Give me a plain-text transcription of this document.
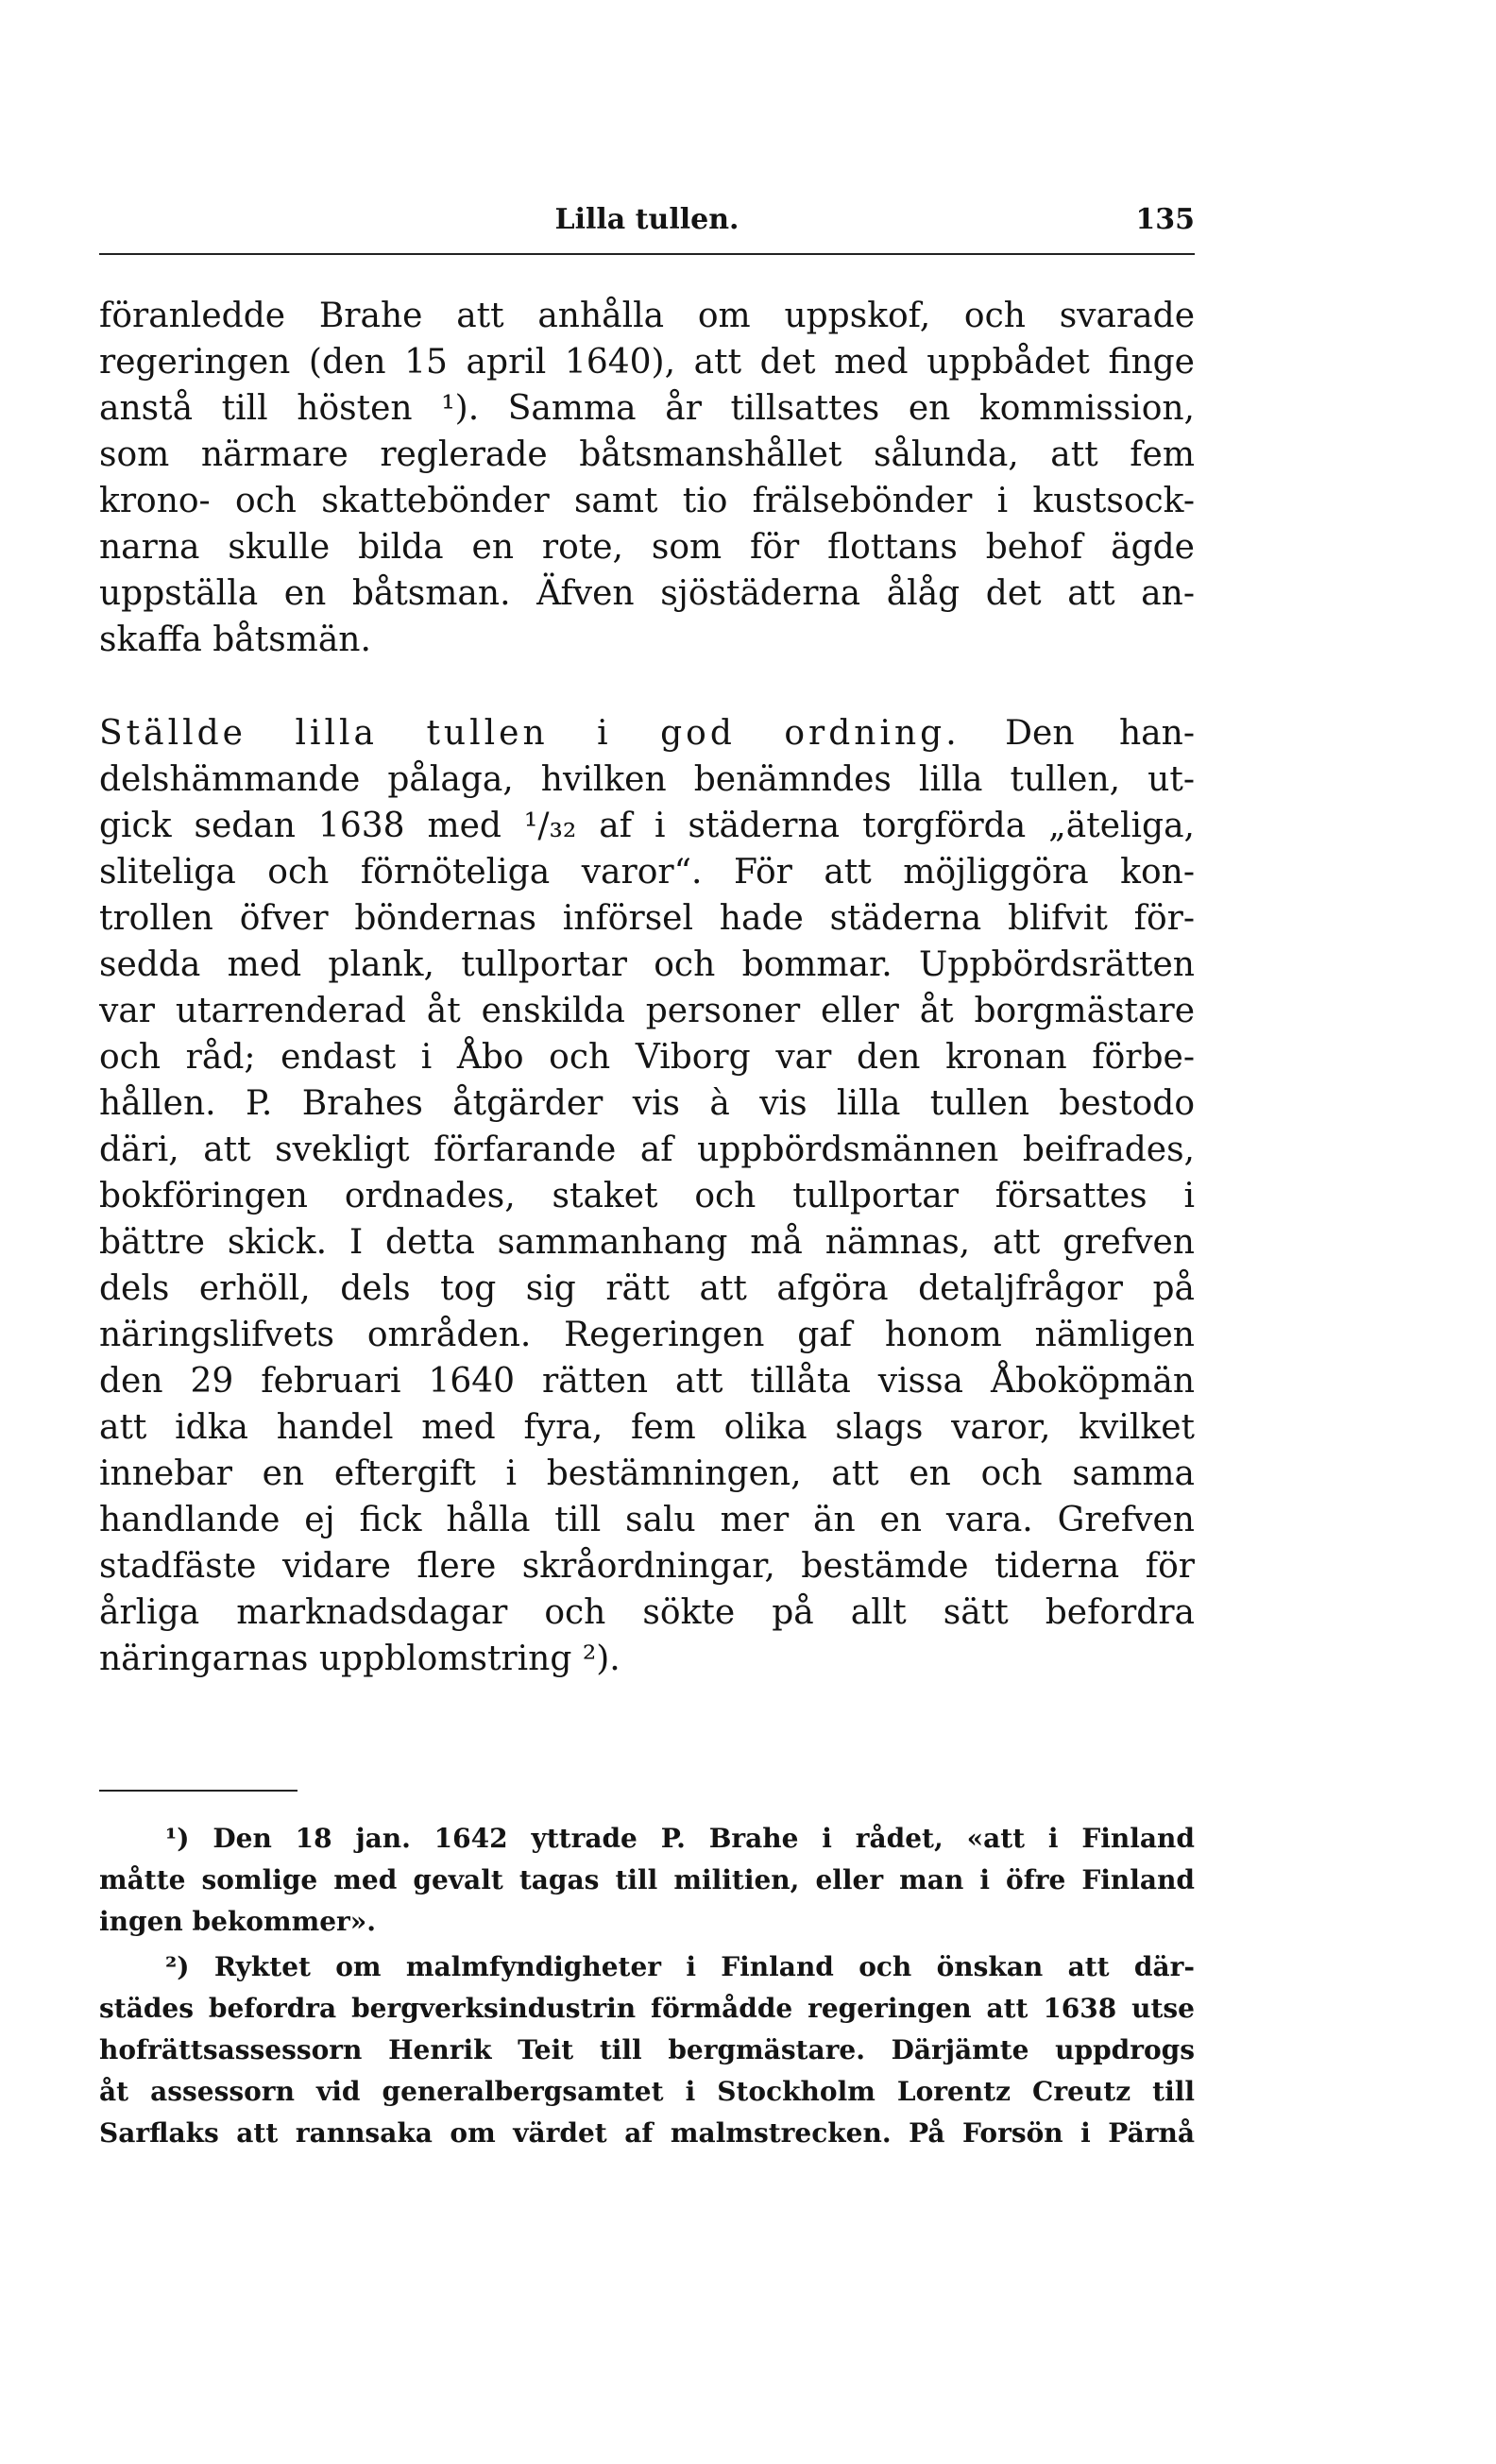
Lilla tullen.	135
föranledde Brahe att anhålla om uppskof, och svarade
regeringen (den 15 april 1640), att det med uppbådet finge
anstå till hösten ¹). Samma år tillsattes en kommission,
som närmare reglerade båtsmanshållet sålunda, att fem
krono- och skattebönder samt tio frälsebönder i kustsock-
narna skulle bilda en rote, som för flottans behof ägde
uppställa en båtsman. Äfven sjöstäderna ålåg det att an-
skaffa båtsmän.
Ställde lilla tullen i god ordning. Den han-
delshämmande pålaga, hvilken benämndes lilla tullen, ut-
gick sedan 1638 med ¹/₃₂ af i städerna torgförda „äteliga,
sliteliga och förnöteliga varor“. För att möjliggöra kon-
trollen öfver böndernas införsel hade städerna blifvit för-
sedda med plank, tullportar och bommar. Uppbördsrätten
var utarrenderad åt enskilda personer eller åt borgmästare
och råd; endast i Åbo och Viborg var den kronan förbe-
hållen. P. Brahes åtgärder vis à vis lilla tullen bestodo
däri, att svekligt förfarande af uppbördsmännen beifrades,
bokföringen ordnades, staket och tullportar försattes i
bättre skick. I detta sammanhang må nämnas, att grefven
dels erhöll, dels tog sig rätt att afgöra detaljfrågor på
näringslifvets områden. Regeringen gaf honom nämligen
den 29 februari 1640 rätten att tillåta vissa Åboköpmän
att idka handel med fyra, fem olika slags varor, kvilket
innebar en eftergift i bestämningen, att en och samma
handlande ej fick hålla till salu mer än en vara. Grefven
stadfäste vidare flere skråordningar, bestämde tiderna för
årliga marknadsdagar och sökte på allt sätt befordra
näringarnas uppblomstring ²).
¹) Den 18 jan. 1642 yttrade P. Brahe i rådet, «att i Finland
måtte somlige med gevalt tagas till militien, eller man i öfre Finland
ingen bekommer».
²) Ryktet om malmfyndigheter i Finland och önskan att där-
städes befordra bergverksindustrin förmådde regeringen att 1638 utse
hofrättsassessorn Henrik Teit till bergmästare. Därjämte uppdrogs
åt assessorn vid generalbergsamtet i Stockholm Lorentz Creutz till
Sarflaks att rannsaka om värdet af malmstrecken. På Forsön i Pärnå
